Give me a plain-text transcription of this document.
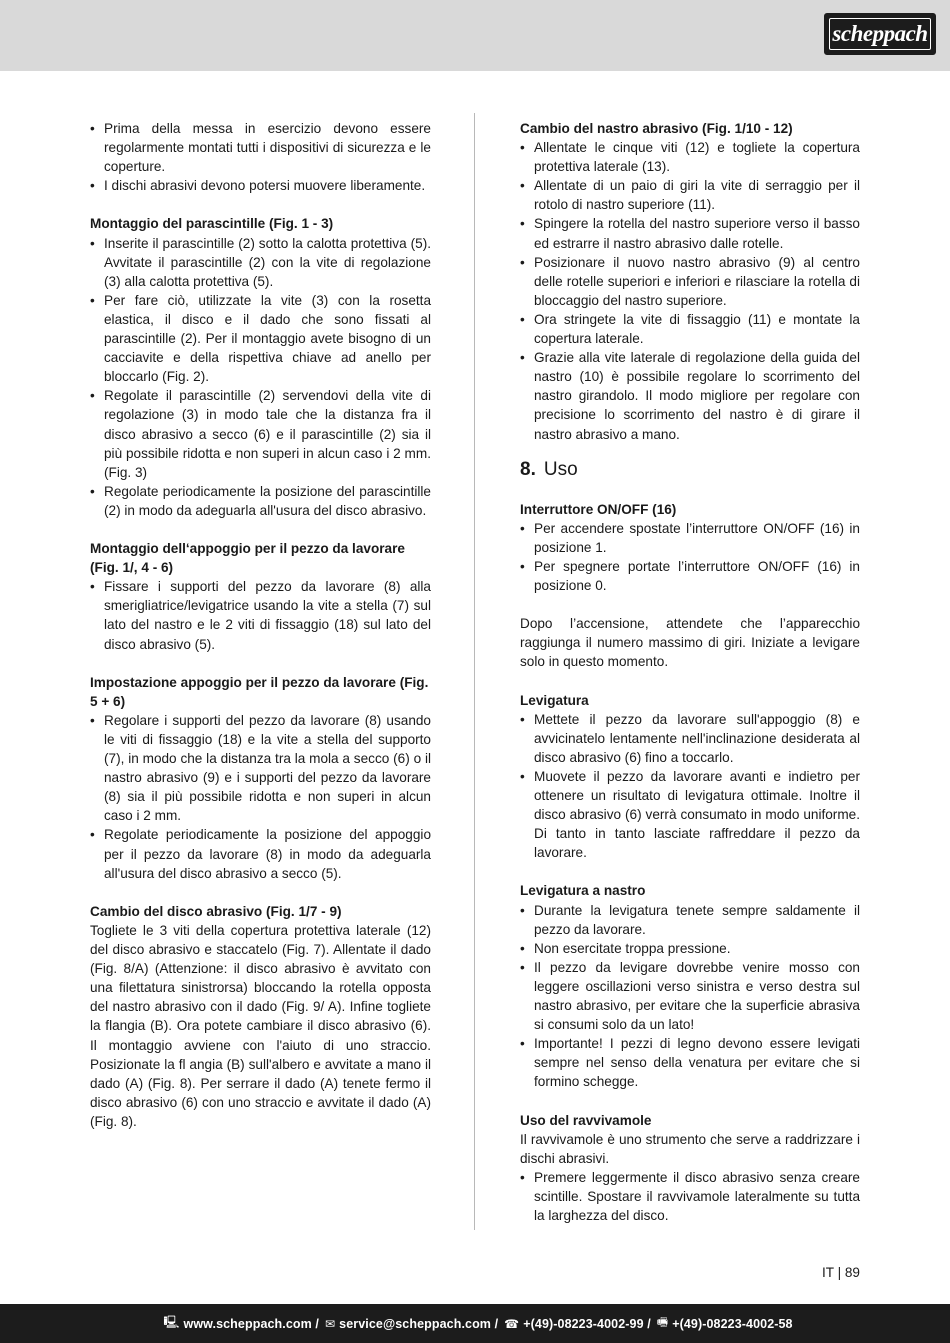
scheppach
• Prima della messa in esercizio devono essere regolarmente montati tutti i dispositivi di sicurezza e le coperture.
• I dischi abrasivi devono potersi muovere liberamente.
Montaggio del parascintille (Fig. 1 - 3)
• Inserite il parascintille (2) sotto la calotta protettiva (5). Avvitate il parascintille (2) con la vite di regolazione (3) alla calotta protettiva (5).
• Per fare ciò, utilizzate la vite (3) con la rosetta elastica, il disco e il dado che sono fissati al parascintille (2). Per il montaggio avete bisogno di un cacciavite e della rispettiva chiave ad anello per bloccarlo (Fig. 2).
• Regolate il parascintille (2) servendovi della vite di regolazione (3) in modo tale che la distanza fra il disco abrasivo a secco (6) e il parascintille (2) sia il più possibile ridotta e non superi in alcun caso i 2 mm.(Fig. 3)
• Regolate periodicamente la posizione del parascintille (2) in modo da adeguarla all'usura del disco abrasivo.
Montaggio dell‘appoggio per il pezzo da lavorare (Fig. 1/, 4 - 6)
• Fissare i supporti del pezzo da lavorare (8) alla smerigliatrice/levigatrice usando la vite a stella (7) sul lato del nastro e le 2 viti di fissaggio (18) sul lato del disco abrasivo (5).
Impostazione appoggio per il pezzo da lavorare (Fig. 5 + 6)
• Regolare i supporti del pezzo da lavorare (8) usando le viti di fissaggio (18) e la vite a stella del supporto (7), in modo che la distanza tra la mola a secco (6) o il nastro abrasivo (9) e i supporti del pezzo da lavorare (8) sia il più possibile ridotta e non superi in alcun caso i 2 mm.
• Regolate periodicamente la posizione del appoggio per il pezzo da lavorare (8) in modo da adeguarla all'usura del disco abrasivo a secco (5).
Cambio del disco abrasivo (Fig. 1/7 - 9)
Togliete le 3 viti della copertura protettiva laterale (12) del disco abrasivo e staccatelo (Fig. 7). Allentate il dado (Fig. 8/A) (Attenzione: il disco abrasivo è avvitato con una filettatura sinistrorsa) bloccando la rotella opposta del nastro abrasivo con il dado (Fig. 9/ A). Infine togliete la flangia (B). Ora potete cambiare il disco abrasivo (6). Il montaggio avviene con l'aiuto di uno straccio. Posizionate la fl angia (B) sull'albero e avvitate a mano il dado (A) (Fig. 8). Per serrare il dado (A) tenete fermo il disco abrasivo (6) con uno straccio e avvitate il dado (A) (Fig. 8).
Cambio del nastro abrasivo (Fig. 1/10 - 12)
• Allentate le cinque viti (12) e togliete la copertura protettiva laterale (13).
• Allentate di un paio di giri la vite di serraggio per il rotolo di nastro superiore (11).
• Spingere la rotella del nastro superiore verso il basso ed estrarre il nastro abrasivo dalle rotelle.
• Posizionare il nuovo nastro abrasivo (9) al centro delle rotelle superiori e inferiori e rilasciare la rotella di bloccaggio del nastro superiore.
• Ora stringete la vite di fissaggio (11) e montate la copertura laterale.
• Grazie alla vite laterale di regolazione della guida del nastro (10) è possibile regolare lo scorrimento del nastro girandolo. Il modo migliore per regolare con precisione lo scorrimento del nastro è di girare il nastro abrasivo a mano.
8. Uso
Interruttore ON/OFF (16)
• Per accendere spostate l’interruttore ON/OFF (16) in posizione 1.
• Per spegnere portate l’interruttore ON/OFF (16) in posizione 0.
Dopo l’accensione, attendete che l’apparecchio raggiunga il numero massimo di giri. Iniziate a levigare solo in questo momento.
Levigatura
• Mettete il pezzo da lavorare sull'appoggio (8) e avvicinatelo lentamente nell'inclinazione desiderata al disco abrasivo (6) fino a toccarlo.
• Muovete il pezzo da lavorare avanti e indietro per ottenere un risultato di levigatura ottimale. Inoltre il disco abrasivo (6) verrà consumato in modo uniforme. Di tanto in tanto lasciate raffreddare il pezzo da lavorare.
Levigatura a nastro
• Durante la levigatura tenete sempre saldamente il pezzo da lavorare.
• Non esercitate troppa pressione.
• Il pezzo da levigare dovrebbe venire mosso con leggere oscillazioni verso sinistra e verso destra sul nastro abrasivo, per evitare che la superficie abrasiva si consumi solo da un lato!
• Importante! I pezzi di legno devono essere levigati sempre nel senso della venatura per evitare che si formino schegge.
Uso del ravvivamole
Il ravvivamole è uno strumento che serve a raddrizzare i dischi abrasivi.
• Premere leggermente il disco abrasivo senza creare scintille. Spostare il ravvivamole lateralmente su tutta la larghezza del disco.
IT | 89
🖳 www.scheppach.com / ✉ service@scheppach.com / ☎ +(49)-08223-4002-99 / 🖷 +(49)-08223-4002-58
